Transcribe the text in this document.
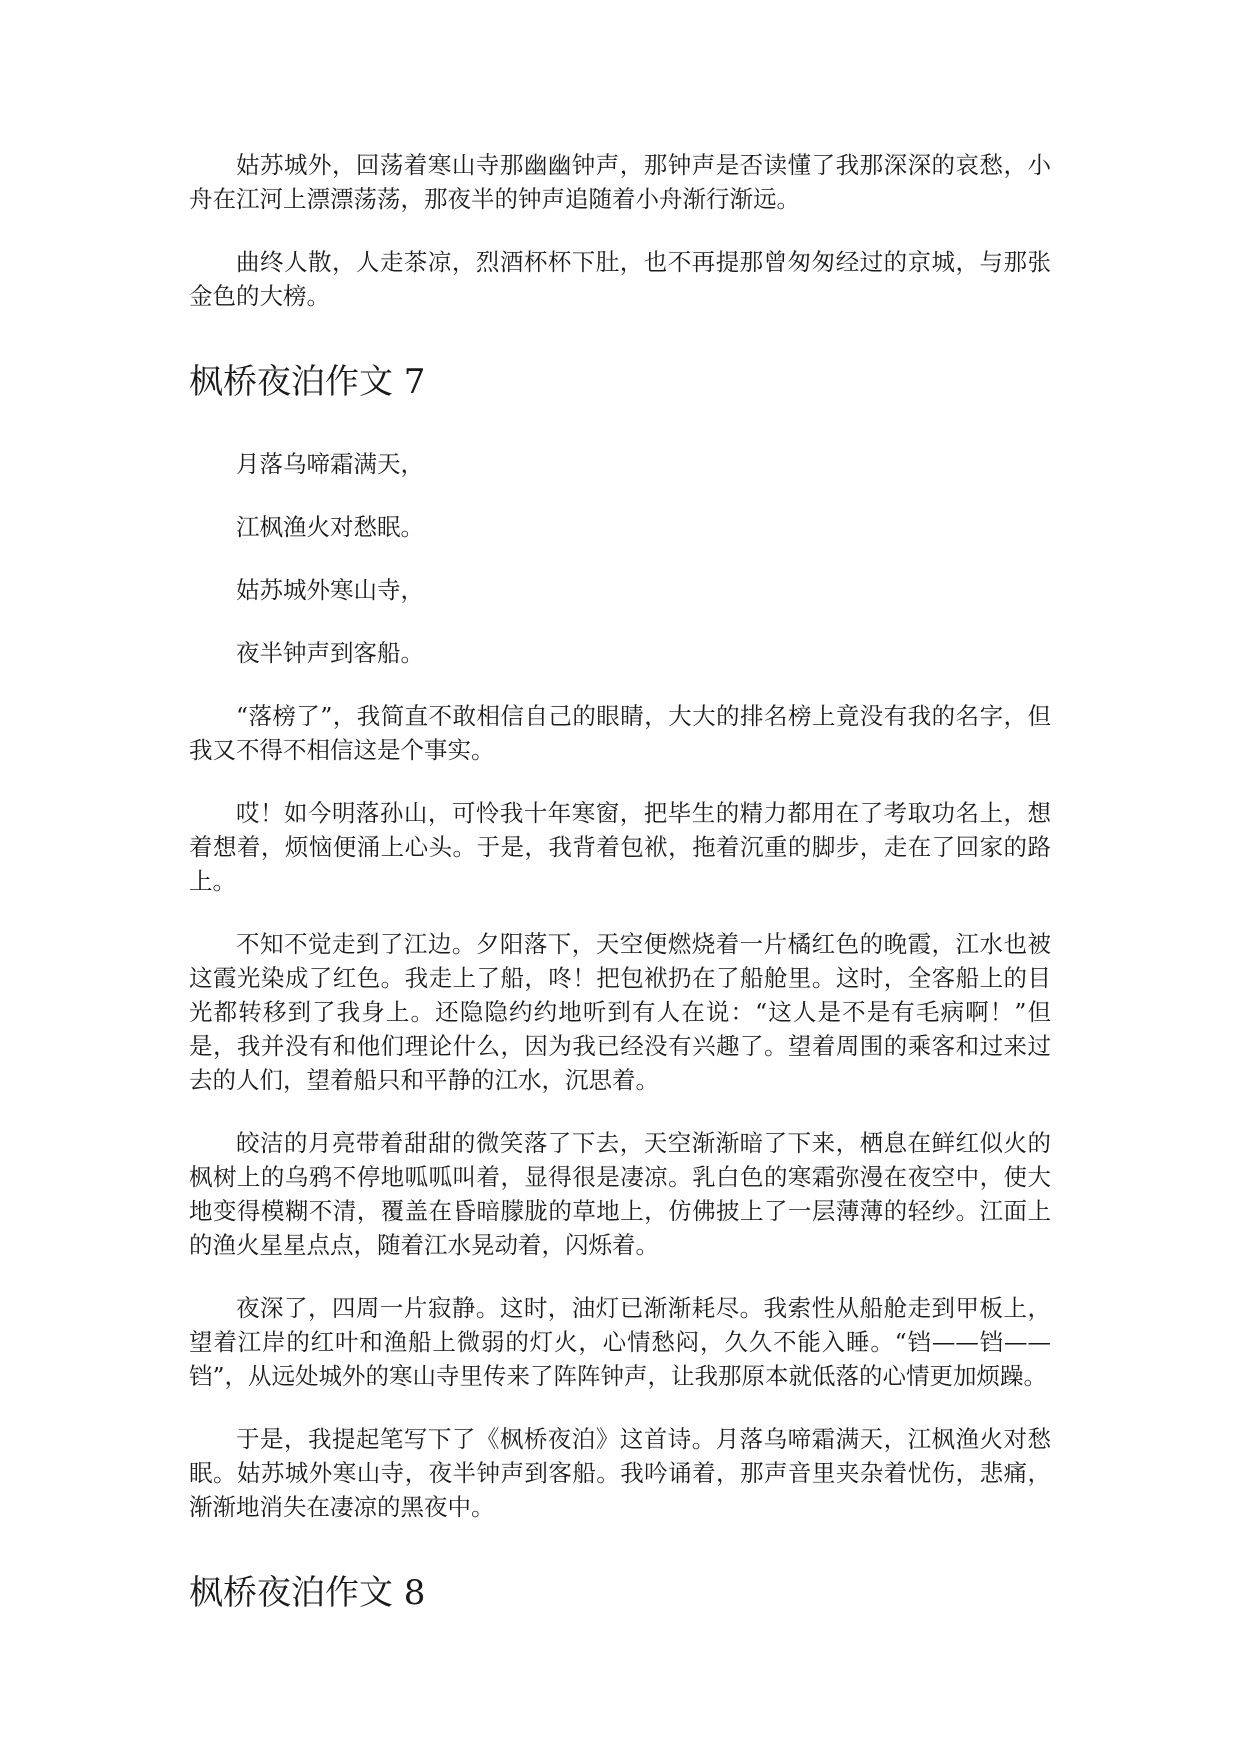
姑苏城外，回荡着寒山寺那幽幽钟声，那钟声是否读懂了我那深深的哀愁，小舟在江河上漂漂荡荡，那夜半的钟声追随着小舟渐行渐远。

曲终人散，人走茶凉，烈酒杯杯下肚，也不再提那曾匆匆经过的京城，与那张金色的大榜。

枫桥夜泊作文 7

月落乌啼霜满天，

江枫渔火对愁眠。

姑苏城外寒山寺，

夜半钟声到客船。

“落榜了”，我简直不敢相信自己的眼睛，大大的排名榜上竟没有我的名字，但我又不得不相信这是个事实。

哎！如今明落孙山，可怜我十年寒窗，把毕生的精力都用在了考取功名上，想着想着，烦恼便涌上心头。于是，我背着包袱，拖着沉重的脚步，走在了回家的路上。

不知不觉走到了江边。夕阳落下，天空便燃烧着一片橘红色的晚霞，江水也被这霞光染成了红色。我走上了船，咚！把包袱扔在了船舱里。这时，全客船上的目光都转移到了我身上。还隐隐约约地听到有人在说：“这人是不是有毛病啊！”但是，我并没有和他们理论什么，因为我已经没有兴趣了。望着周围的乘客和过来过去的人们，望着船只和平静的江水，沉思着。

皎洁的月亮带着甜甜的微笑落了下去，天空渐渐暗了下来，栖息在鲜红似火的枫树上的乌鸦不停地呱呱叫着，显得很是凄凉。乳白色的寒霜弥漫在夜空中，使大地变得模糊不清，覆盖在昏暗朦胧的草地上，仿佛披上了一层薄薄的轻纱。江面上的渔火星星点点，随着江水晃动着，闪烁着。

夜深了，四周一片寂静。这时，油灯已渐渐耗尽。我索性从船舱走到甲板上，望着江岸的红叶和渔船上微弱的灯火，心情愁闷，久久不能入睡。“铛——铛——铛”，从远处城外的寒山寺里传来了阵阵钟声，让我那原本就低落的心情更加烦躁。

于是，我提起笔写下了《枫桥夜泊》这首诗。月落乌啼霜满天，江枫渔火对愁眠。姑苏城外寒山寺，夜半钟声到客船。我吟诵着，那声音里夹杂着忧伤，悲痛，渐渐地消失在凄凉的黑夜中。

枫桥夜泊作文 8
